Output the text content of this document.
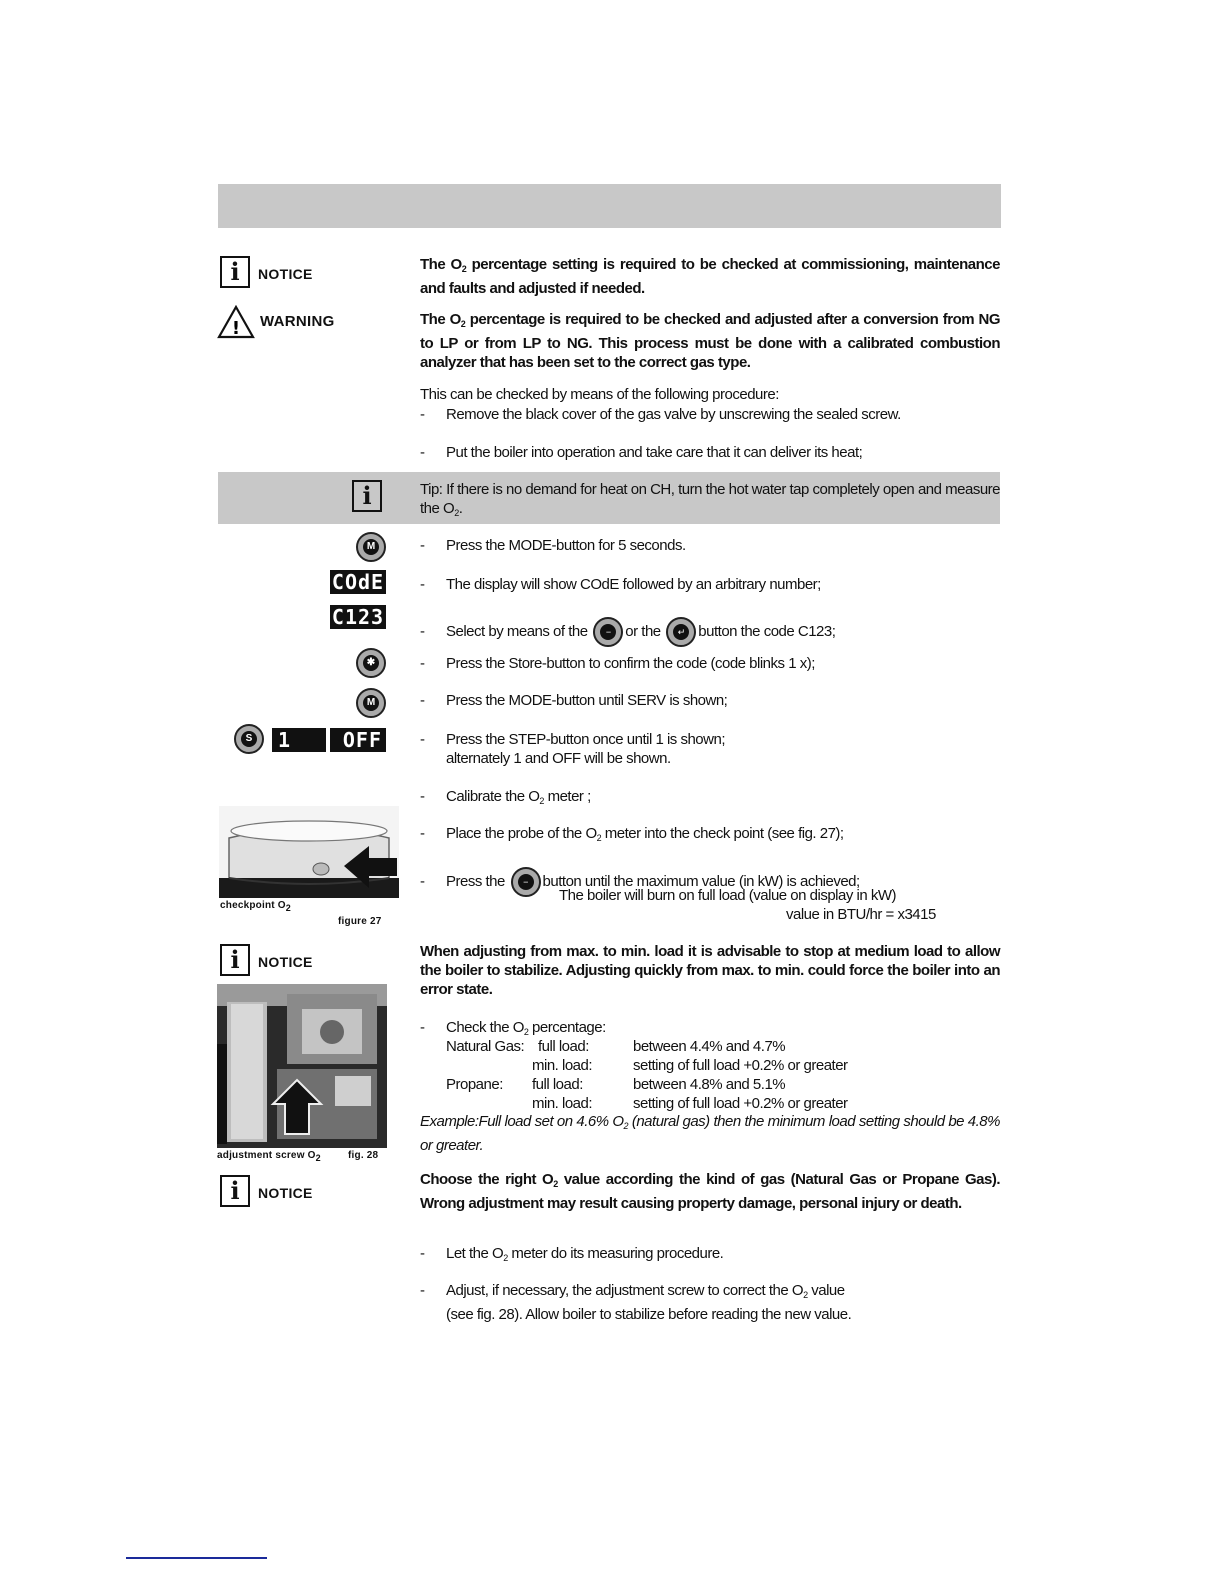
i	NOTICE
The $O_2$ percentage setting is required to be checked at commissioning, maintenance and faults and adjusted if needed.
! WARNING	The $O_2$ percentage is required to be checked and adjusted after a conversion from NG to LP or from LP to NG. This process must be done with a calibrated combustion analyzer that has been set to the correct gas type.
This can be checked by means of the following procedure:
- Remove the black cover of the gas valve by unscrewing the sealed screw.
- Put the boiler into operation and take care that it can deliver its heat;
i	Tip: If there is no demand for heat on CH, turn the hot water tap completely open and measure the $O_2$.
M	- Press the MODE-button for 5 seconds.
COdE - The display will show COdE followed by an arbitrary number;
C123
- Select by means of the	− or the	↵ button the code C123;
✱	- Press the Store-button to confirm the code (code blinks 1 x);
M	- Press the MODE-button until SERV is shown;
S	1	OFF	- Press the STEP-button once until 1 is shown;
alternately 1 and OFF will be shown.
- Calibrate the $O_2$ meter ;
checkpoint $O_2$
figure 27
- Place the probe of the $O_2$ meter into the check point (see fig. 27);
- Press the	− button until the maximum value (in kW) is achieved;
The boiler will burn on full load (value on display in kW)
value in BTU/hr = x3415
i	NOTICE
When adjusting from max. to min. load it is advisable to stop at medium load to allow the boiler to stabilize. Adjusting quickly from max. to min. could force the boiler into an error state.
adjustment screw $O_2$	fig. 28
- Check the $O_2$ percentage:
Natural Gas: full load:	between 4.4% and 4.7%
min. load:	setting of full load +0.2% or greater
Propane: full load:	between 4.8% and 5.1%
min. load:	setting of full load +0.2% or greater
Example:Full load set on 4.6% $O_2$ (natural gas) then the minimum load setting should be 4.8% or greater.
i	NOTICE
Choose the right $O_2$ value according the kind of gas (Natural Gas or Propane Gas). Wrong adjustment may result causing property damage, personal injury or death.
- Let the $O_2$ meter do its measuring procedure.
- Adjust, if necessary, the adjustment screw to correct the $O_2$ value
(see fig. 28). Allow boiler to stabilize before reading the new value.
